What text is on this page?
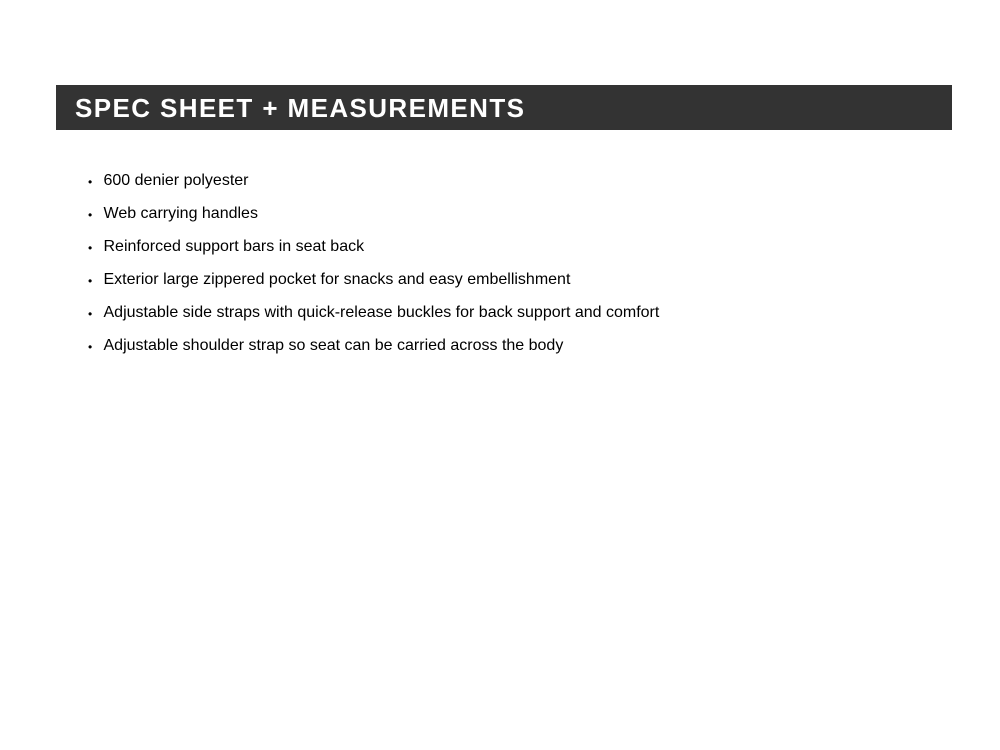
SPEC SHEET + MEASUREMENTS
•
600 denier polyester
•
Web carrying handles
•
Reinforced support bars in seat back
•
Exterior large zippered pocket for snacks and easy embellishment
•
Adjustable side straps with quick-release buckles for back support and comfort
•
Adjustable shoulder strap so seat can be carried across the body
